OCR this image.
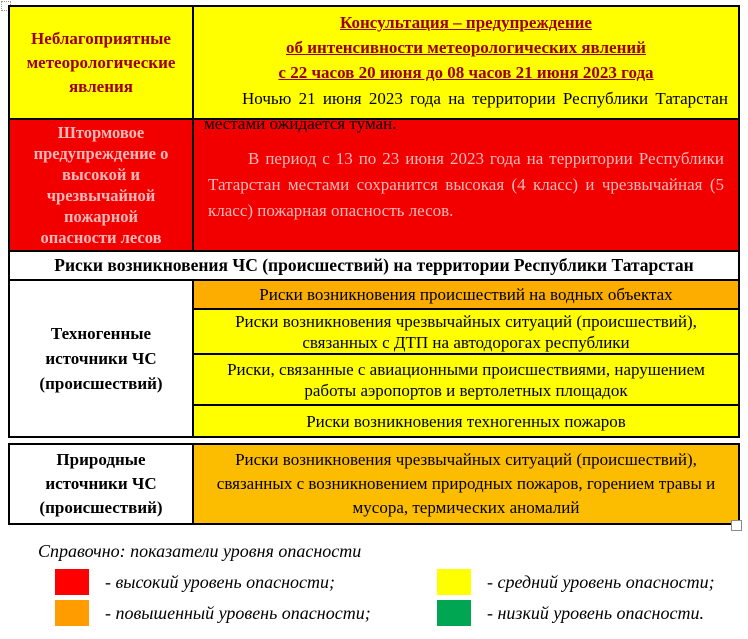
Неблагоприятные метеорологические явления
Консультация – предупреждение
об интенсивности метеорологических явлений
с 22 часов 20 июня до 08 часов 21 июня 2023 года
Ночью 21 июня 2023 года на территории Республики Татарстан местами ожидается туман.
Штормовое предупреждение о высокой и чрезвычайной пожарной опасности лесов

В период с 13 по 23 июня 2023 года на территории Республики Татарстан местами сохранится высокая (4 класс) и чрезвычайная (5 класс) пожарная опасность лесов.

Риски возникновения ЧС (происшествий) на территории Республики Татарстан
Техногенные источники ЧС (происшествий)
Риски возникновения происшествий на водных объектах
Риски возникновения чрезвычайных ситуаций (происшествий), связанных с ДТП на автодорогах республики
Риски, связанные с авиационными происшествиями, нарушением работы аэропортов и вертолетных площадок
Риски возникновения техногенных пожаров
Природные источники ЧС (происшествий)
Риски возникновения чрезвычайных ситуаций (происшествий), связанных с возникновением природных пожаров, горением травы и мусора, термических аномалий
Справочно: показатели уровня опасности
- высокий уровень опасности;
- повышенный уровень опасности;
- средний уровень опасности;
- низкий уровень опасности.
